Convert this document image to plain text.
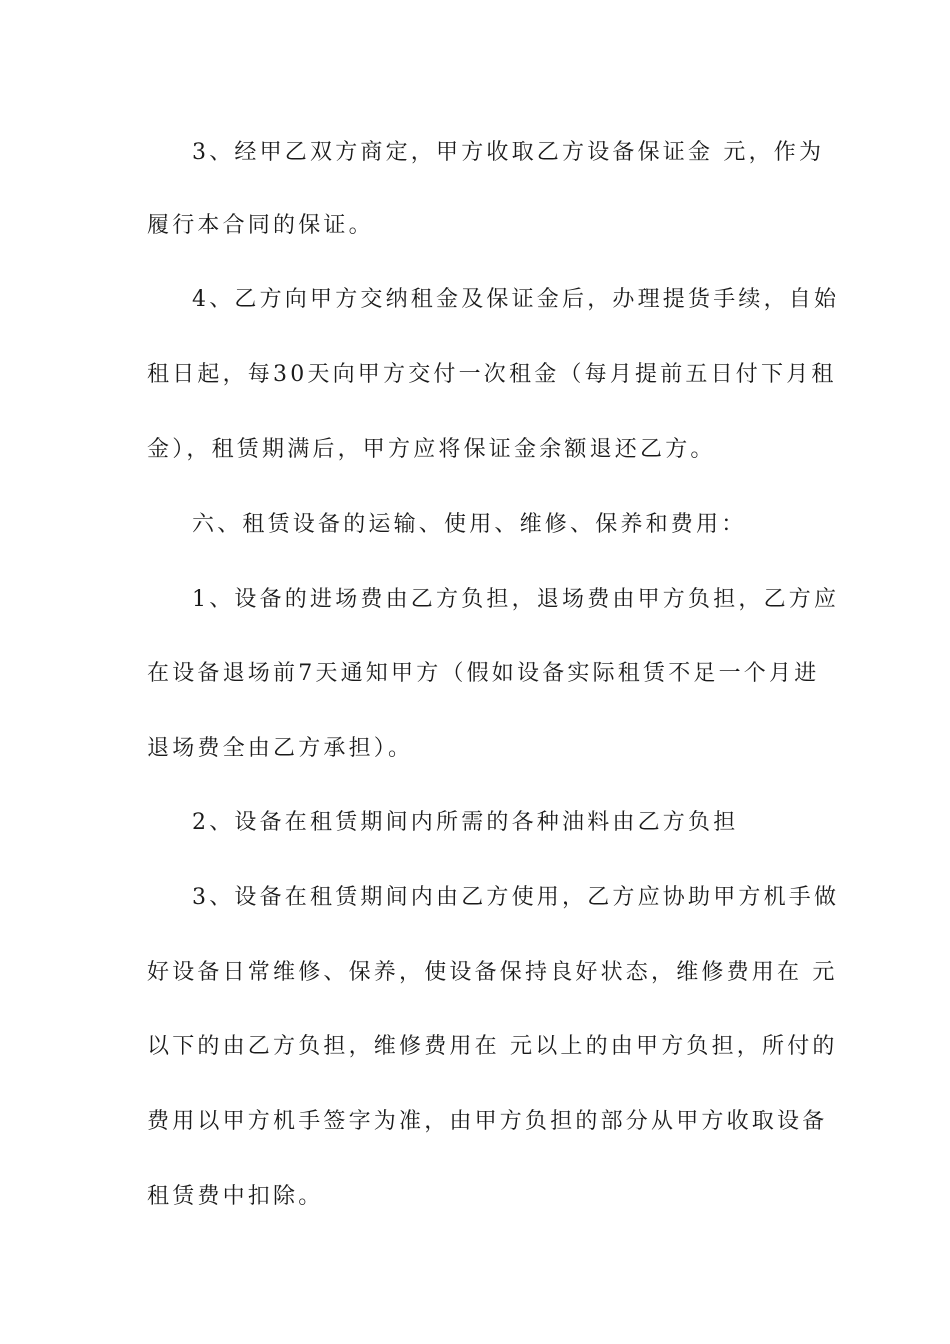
3、经甲乙双方商定，甲方收取乙方设备保证金 元，作为
履行本合同的保证。
4、乙方向甲方交纳租金及保证金后，办理提货手续，自始
租日起，每30天向甲方交付一次租金（每月提前五日付下月租
金），租赁期满后，甲方应将保证金余额退还乙方。
六、租赁设备的运输、使用、维修、保养和费用：
1、设备的进场费由乙方负担，退场费由甲方负担，乙方应
在设备退场前7天通知甲方（假如设备实际租赁不足一个月进
退场费全由乙方承担）。
2、设备在租赁期间内所需的各种油料由乙方负担
3、设备在租赁期间内由乙方使用，乙方应协助甲方机手做
好设备日常维修、保养，使设备保持良好状态，维修费用在 元
以下的由乙方负担，维修费用在 元以上的由甲方负担，所付的
费用以甲方机手签字为准，由甲方负担的部分从甲方收取设备
租赁费中扣除。
